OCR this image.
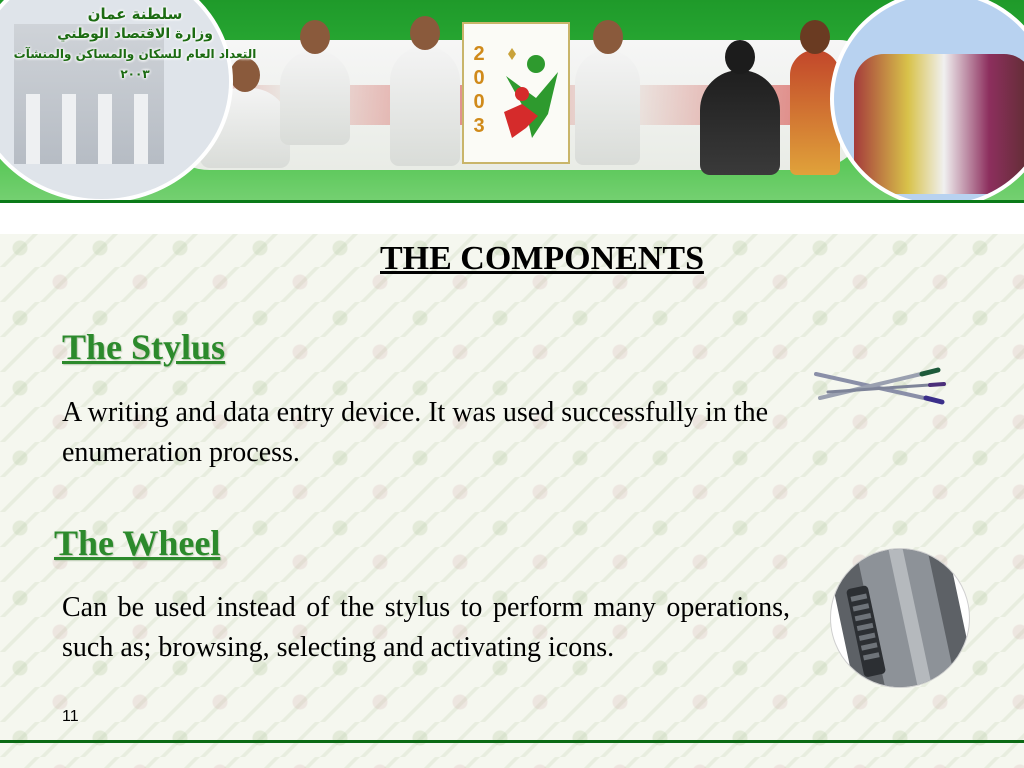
سلطنة عمان
وزارة الاقتصاد الوطني
التعداد العام للسكان والمساكن والمنشآت ٢٠٠٣
2
0
0
3
THE COMPONENTS
The Stylus

A writing and data entry device. It was used successfully in the enumeration process.

The Wheel

Can be used instead of the stylus to perform many operations, such as; browsing, selecting and activating icons.

11
